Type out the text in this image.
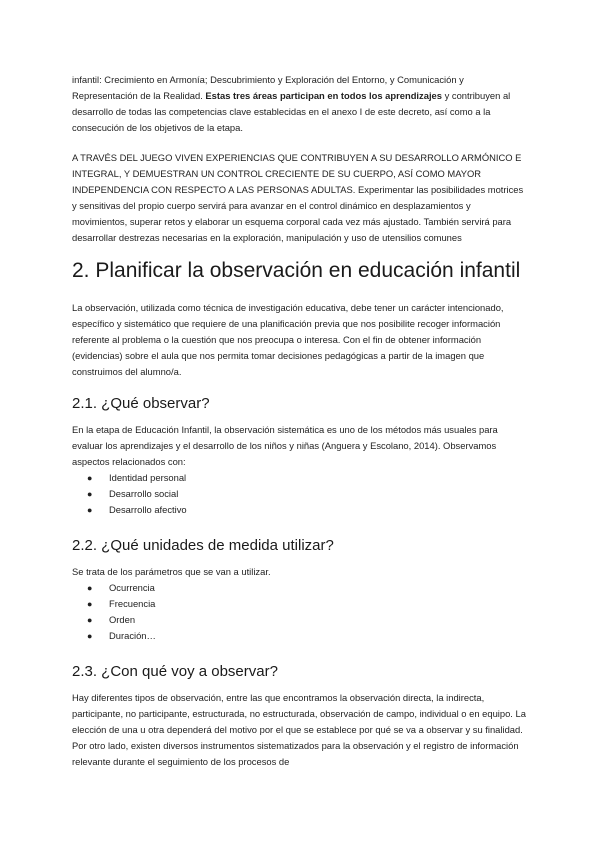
infantil: Crecimiento en Armonía; Descubrimiento y Exploración del Entorno, y Comunicación y Representación de la Realidad. Estas tres áreas participan en todos los aprendizajes y contribuyen al desarrollo de todas las competencias clave establecidas en el anexo I de este decreto, así como a la consecución de los objetivos de la etapa.

A TRAVÉS DEL JUEGO VIVEN EXPERIENCIAS QUE CONTRIBUYEN A SU DESARROLLO ARMÓNICO E INTEGRAL, Y DEMUESTRAN UN CONTROL CRECIENTE DE SU CUERPO, ASÍ COMO MAYOR INDEPENDENCIA CON RESPECTO A LAS PERSONAS ADULTAS. Experimentar las posibilidades motrices y sensitivas del propio cuerpo servirá para avanzar en el control dinámico en desplazamientos y movimientos, superar retos y elaborar un esquema corporal cada vez más ajustado. También servirá para desarrollar destrezas necesarias en la exploración, manipulación y uso de utensilios comunes

2. Planificar la observación en educación infantil

La observación, utilizada como técnica de investigación educativa, debe tener un carácter intencionado, específico y sistemático que requiere de una planificación previa que nos posibilite recoger información referente al problema o la cuestión que nos preocupa o interesa. Con el fin de obtener información (evidencias) sobre el aula que nos permita tomar decisiones pedagógicas a partir de la imagen que construimos del alumno/a.

2.1. ¿Qué observar?

En la etapa de Educación Infantil, la observación sistemática es uno de los métodos más usuales para evaluar los aprendizajes y el desarrollo de los niños y niñas (Anguera y Escolano, 2014). Observamos aspectos relacionados con:

● Identidad personal
● Desarrollo social
● Desarrollo afectivo
2.2. ¿Qué unidades de medida utilizar?

Se trata de los parámetros que se van a utilizar.

● Ocurrencia
● Frecuencia
● Orden
● Duración…
2.3. ¿Con qué voy a observar?

Hay diferentes tipos de observación, entre las que encontramos la observación directa, la indirecta, participante, no participante, estructurada, no estructurada, observación de campo, individual o en equipo. La elección de una u otra dependerá del motivo por el que se establece por qué se va a observar y su finalidad. Por otro lado, existen diversos instrumentos sistematizados para la observación y el registro de información relevante durante el seguimiento de los procesos de
